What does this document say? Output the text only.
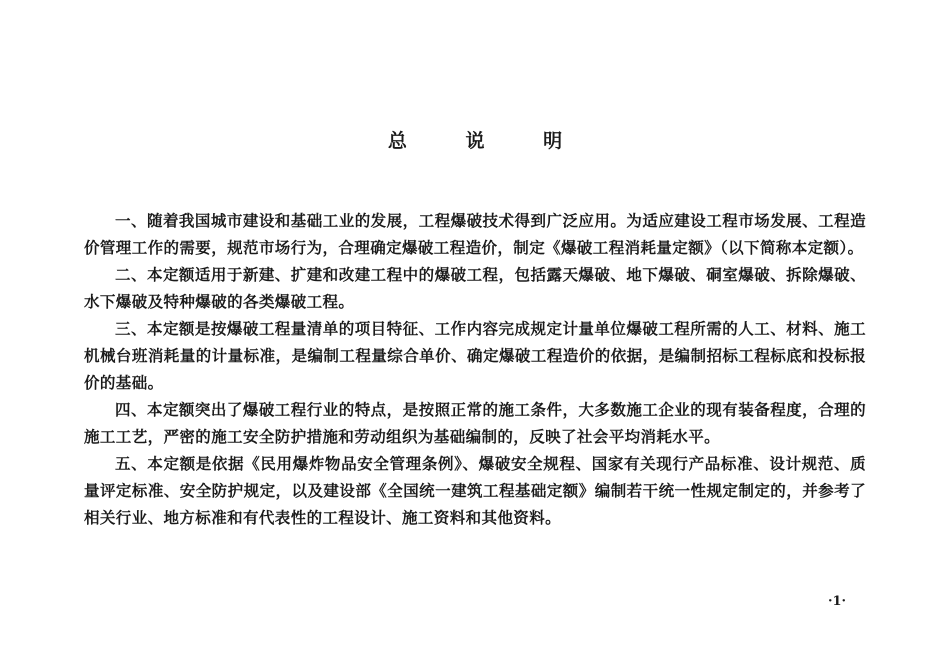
总 说 明

一、随着我国城市建设和基础工业的发展，工程爆破技术得到广泛应用。为适应建设工程市场发展、工程造价管理工作的需要，规范市场行为，合理确定爆破工程造价，制定《爆破工程消耗量定额》（以下简称本定额）。

二、本定额适用于新建、扩建和改建工程中的爆破工程，包括露天爆破、地下爆破、硐室爆破、拆除爆破、水下爆破及特种爆破的各类爆破工程。

三、本定额是按爆破工程量清单的项目特征、工作内容完成规定计量单位爆破工程所需的人工、材料、施工机械台班消耗量的计量标准，是编制工程量综合单价、确定爆破工程造价的依据，是编制招标工程标底和投标报价的基础。

四、本定额突出了爆破工程行业的特点，是按照正常的施工条件，大多数施工企业的现有装备程度，合理的施工工艺，严密的施工安全防护措施和劳动组织为基础编制的，反映了社会平均消耗水平。

五、本定额是依据《民用爆炸物品安全管理条例》、爆破安全规程、国家有关现行产品标准、设计规范、质量评定标准、安全防护规定，以及建设部《全国统一建筑工程基础定额》编制若干统一性规定制定的，并参考了相关行业、地方标准和有代表性的工程设计、施工资料和其他资料。

·1·
